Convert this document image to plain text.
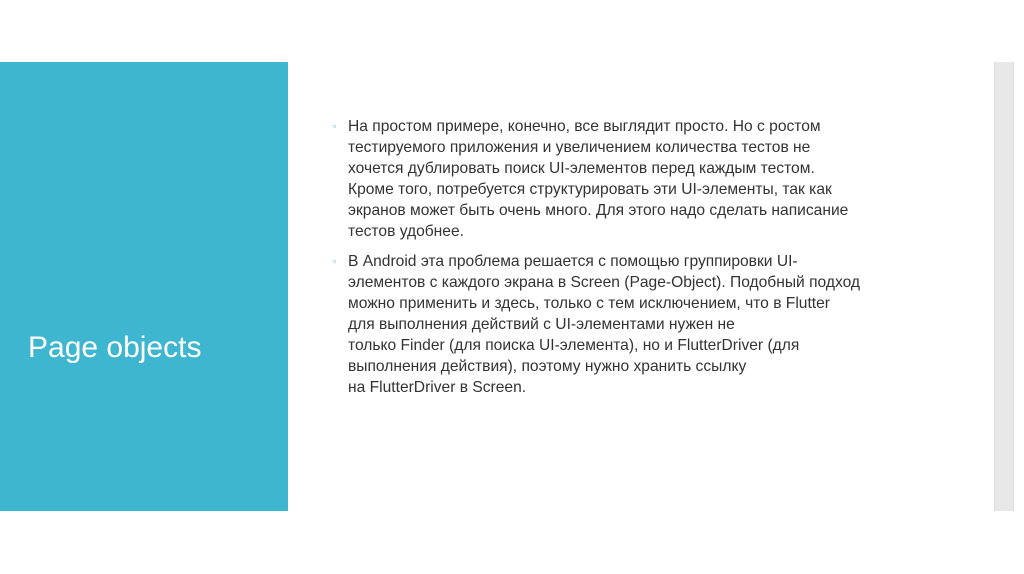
Page objects
▫ На простом примере, конечно, все выглядит просто. Но с ростом
тестируемого приложения и увеличением количества тестов не
хочется дублировать поиск UI-элементов перед каждым тестом.
Кроме того, потребуется структурировать эти UI-элементы, так как
экранов может быть очень много. Для этого надо сделать написание
тестов удобнее.
▫ В Android эта проблема решается с помощью группировки UI-
элементов с каждого экрана в Screen (Page-Object). Подобный подход
можно применить и здесь, только с тем исключением, что в Flutter
для выполнения действий с UI-элементами нужен не
только Finder (для поиска UI-элемента), но и FlutterDriver (для
выполнения действия), поэтому нужно хранить ссылку
на FlutterDriver в Screen.
